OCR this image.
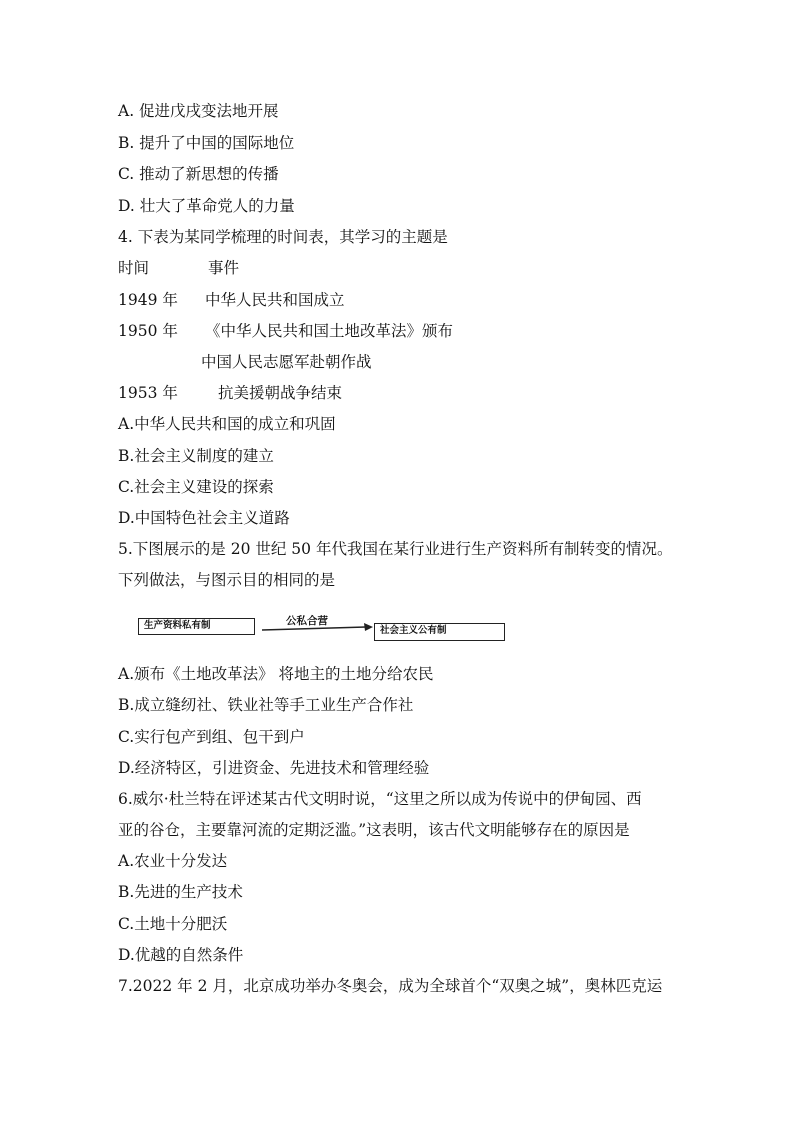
A. 促进戊戌变法地开展
B. 提升了中国的国际地位
C. 推动了新思想的传播
D. 壮大了革命党人的力量
4. 下表为某同学梳理的时间表，其学习的主题是
时间	事件
1949 年 中华人民共和国成立
1950 年 《中华人民共和国土地改革法》颁布
中国人民志愿军赴朝作战
1953 年	抗美援朝战争结束
A.中华人民共和国的成立和巩固
B.社会主义制度的建立
C.社会主义建设的探索
D.中国特色社会主义道路
5.下图展示的是 20 世纪 50 年代我国在某行业进行生产资料所有制转变的情况。
下列做法，与图示目的相同的是
生产资料私有制	公私合营
社会主义公有制
A.颁布《土地改革法》 将地主的土地分给农民
B.成立缝纫社、铁业社等手工业生产合作社
C.实行包产到组、包干到户
D.经济特区，引进资金、先进技术和管理经验
6.威尔·杜兰特在评述某古代文明时说，“这里之所以成为传说中的伊甸园、西
亚的谷仓，主要靠河流的定期泛滥。”这表明，该古代文明能够存在的原因是
A.农业十分发达
B.先进的生产技术
C.土地十分肥沃
D.优越的自然条件
7.2022 年 2 月，北京成功举办冬奥会，成为全球首个“双奥之城”，奥林匹克运
